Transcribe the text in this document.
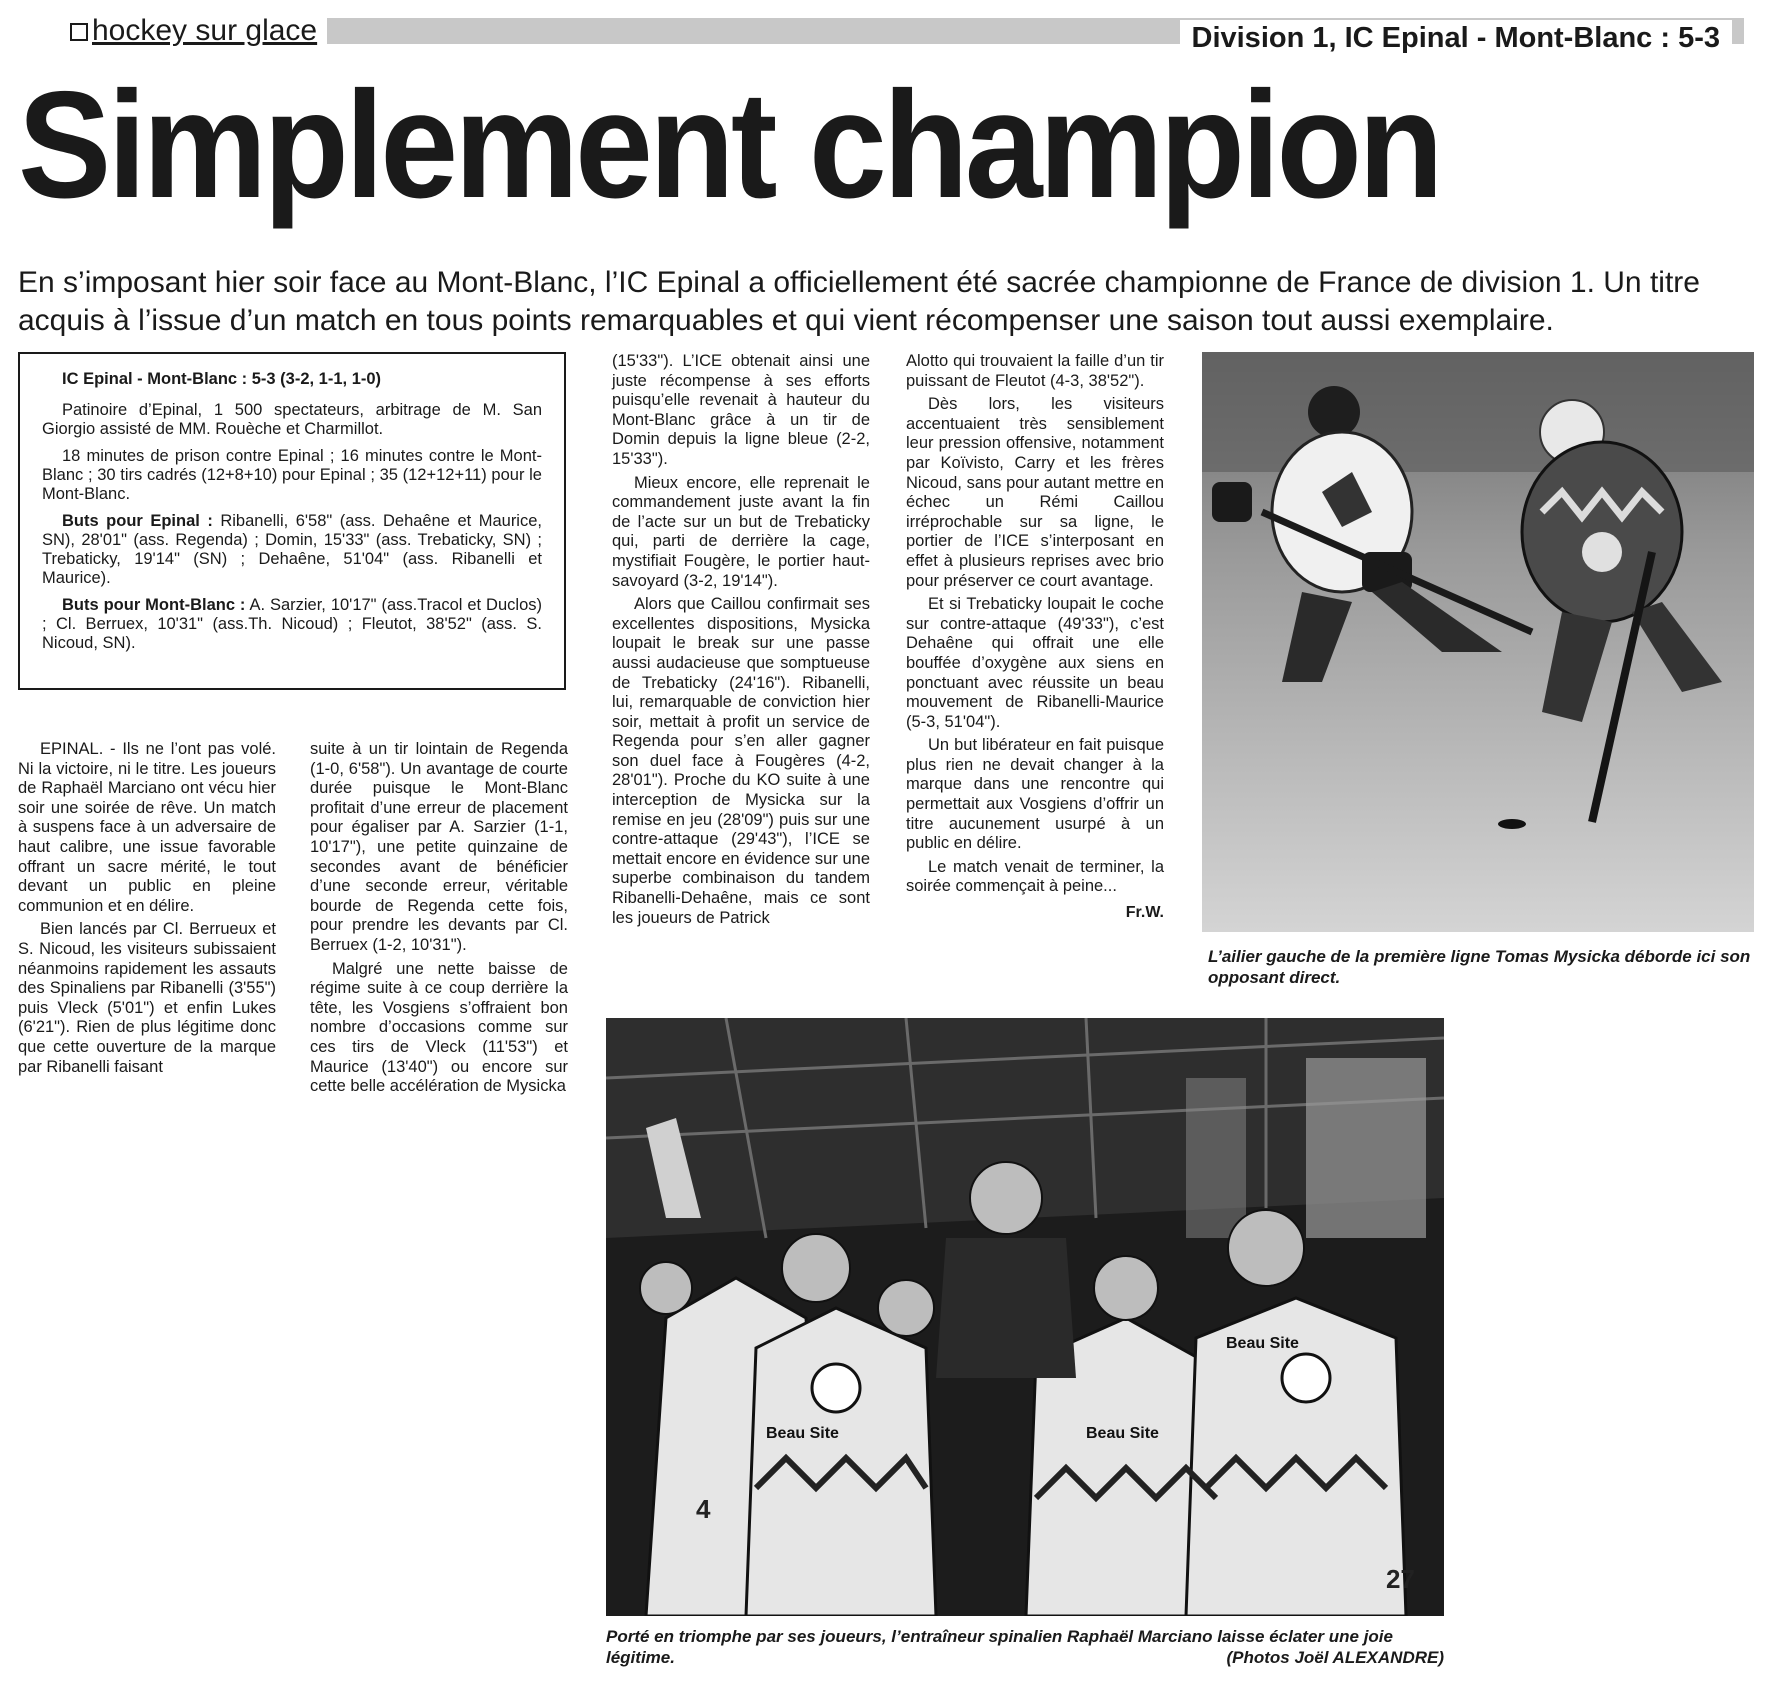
hockey sur glace	Division 1, IC Epinal - Mont-Blanc : 5-3
Simplement champion
En s’imposant hier soir face au Mont-Blanc, l’IC Epinal a officiellement été sacrée championne de France de division 1. Un titre acquis à l’issue d’un match en tous points remarquables et qui vient récompenser une saison tout aussi exemplaire.

IC Epinal - Mont-Blanc : 5-3 (3-2, 1-1, 1-0)

Patinoire d’Epinal, 1 500 spectateurs, arbitrage de M. San Giorgio assisté de MM. Rouèche et Charmillot.

18 minutes de prison contre Epinal ; 16 minutes contre le Mont-Blanc ; 30 tirs cadrés (12+8+10) pour Epinal ; 35 (12+12+11) pour le Mont-Blanc.

Buts pour Epinal : Ribanelli, 6'58" (ass. Dehaêne et Maurice, SN), 28'01" (ass. Regenda) ; Domin, 15'33" (ass. Trebaticky, SN) ; Trebaticky, 19'14" (SN) ; Dehaêne, 51'04" (ass. Ribanelli et Maurice).

Buts pour Mont-Blanc : A. Sarzier, 10'17" (ass.Tracol et Duclos) ; Cl. Berruex, 10'31" (ass.Th. Nicoud) ; Fleutot, 38'52" (ass. S. Nicoud, SN).

EPINAL. - Ils ne l’ont pas volé. Ni la victoire, ni le titre. Les joueurs de Raphaël Marciano ont vécu hier soir une soirée de rêve. Un match à suspens face à un adversaire de haut calibre, une issue favorable offrant un sacre mérité, le tout devant un public en pleine communion et en délire.

Bien lancés par Cl. Berrueux et S. Nicoud, les visiteurs subissaient néanmoins rapidement les assauts des Spinaliens par Ribanelli (3'55") puis Vleck (5'01") et enfin Lukes (6'21"). Rien de plus légitime donc que cette ouverture de la marque par Ribanelli faisant

suite à un tir lointain de Regenda (1-0, 6'58"). Un avantage de courte durée puisque le Mont-Blanc profitait d’une erreur de placement pour égaliser par A. Sarzier (1-1, 10'17"), une petite quinzaine de secondes avant de bénéficier d’une seconde erreur, véritable bourde de Regenda cette fois, pour prendre les devants par Cl. Berruex (1-2, 10'31").

Malgré une nette baisse de régime suite à ce coup derrière la tête, les Vosgiens s’offraient bon nombre d’occasions comme sur ces tirs de Vleck (11'53") et Maurice (13'40") ou encore sur cette belle accélération de Mysicka

(15'33"). L’ICE obtenait ainsi une juste récompense à ses efforts puisqu’elle revenait à hauteur du Mont-Blanc grâce à un tir de Domin depuis la ligne bleue (2-2, 15'33").

Mieux encore, elle reprenait le commandement juste avant la fin de l’acte sur un but de Trebaticky qui, parti de derrière la cage, mystifiait Fougère, le portier haut-savoyard (3-2, 19'14").

Alors que Caillou confirmait ses excellentes dispositions, Mysicka loupait le break sur une passe aussi audacieuse que somptueuse de Trebaticky (24'16"). Ribanelli, lui, remarquable de conviction hier soir, mettait à profit un service de Regenda pour s’en aller gagner son duel face à Fougères (4-2, 28'01"). Proche du KO suite à une interception de Mysicka sur la remise en jeu (28'09") puis sur une contre-attaque (29'43"), l’ICE se mettait encore en évidence sur une superbe combinaison du tandem Ribanelli-Dehaêne, mais ce sont les joueurs de Patrick

Alotto qui trouvaient la faille d’un tir puissant de Fleutot (4-3, 38'52").

Dès lors, les visiteurs accentuaient très sensiblement leur pression offensive, notamment par Koïvisto, Carry et les frères Nicoud, sans pour autant mettre en échec un Rémi Caillou irréprochable sur sa ligne, le portier de l’ICE s’interposant en effet à plusieurs reprises avec brio pour préserver ce court avantage.

Et si Trebaticky loupait le coche sur contre-attaque (49'33"), c’est Dehaêne qui offrait une elle bouffée d’oxygène aux siens en ponctuant avec réussite un beau mouvement de Ribanelli-Maurice (5-3, 51'04").

Un but libérateur en fait puisque plus rien ne devait changer à la marque dans une rencontre qui permettait aux Vosgiens d’offrir un titre aucunement usurpé à un public en délire.

Le match venait de terminer, la soirée commençait à peine...

Fr.W.
L’ailier gauche de la première ligne Tomas Mysicka déborde ici son opposant direct.
Beau Site	Beau Site
Beau Site
4
27
Porté en triomphe par ses joueurs, l’entraîneur spinalien Raphaël Marciano laisse éclater une joie légitime.	(Photos Joël ALEXANDRE)
